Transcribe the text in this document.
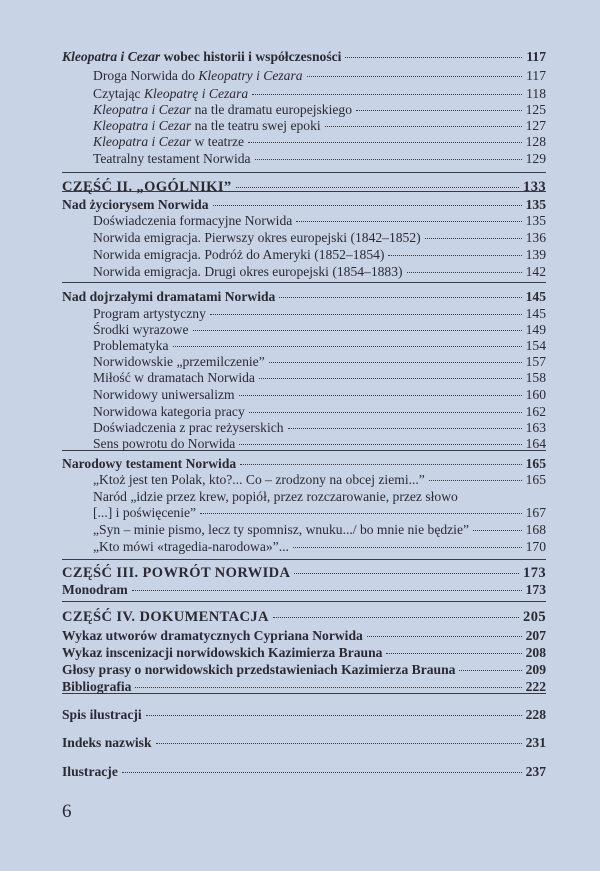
Kleopatra i Cezar wobec historii i współczesności	117
Droga Norwida do Kleopatry i Cezara	117
Czytając Kleopatrę i Cezara	118
Kleopatra i Cezar na tle dramatu europejskiego	125
Kleopatra i Cezar na tle teatru swej epoki	127
Kleopatra i Cezar w teatrze	128
Teatralny testament Norwida	129
CZĘŚĆ II. „OGÓLNIKI”	133
Nad życiorysem Norwida	135
Doświadczenia formacyjne Norwida	135
Norwida emigracja. Pierwszy okres europejski (1842–1852)	136
Norwida emigracja. Podróż do Ameryki (1852–1854)	139
Norwida emigracja. Drugi okres europejski (1854–1883)	142
Nad dojrzałymi dramatami Norwida	145
Program artystyczny	145
Środki wyrazowe	149
Problematyka	154
Norwidowskie „przemilczenie”	157
Miłość w dramatach Norwida	158
Norwidowy uniwersalizm	160
Norwidowa kategoria pracy	162
Doświadczenia z prac reżyserskich	163
Sens powrotu do Norwida	164
Narodowy testament Norwida	165
„Ktoż jest ten Polak, kto?... Co – zrodzony na obcej ziemi...”	165
Naród „idzie przez krew, popiół, przez rozczarowanie, przez słowo
[...] i poświęcenie”	167
„Syn – minie pismo, lecz ty spomnisz, wnuku.../ bo mnie nie będzie”	168
„Kto mówi «tragedia-narodowa»”...	170
CZĘŚĆ III. POWRÓT NORWIDA	173
Monodram	173
CZĘŚĆ IV. DOKUMENTACJA	205
Wykaz utworów dramatycznych Cypriana Norwida	207
Wykaz inscenizacji norwidowskich Kazimierza Brauna	208
Głosy prasy o norwidowskich przedstawieniach Kazimierza Brauna	209
Bibliografia	222
Spis ilustracji	228
Indeks nazwisk	231
Ilustracje	237
6
